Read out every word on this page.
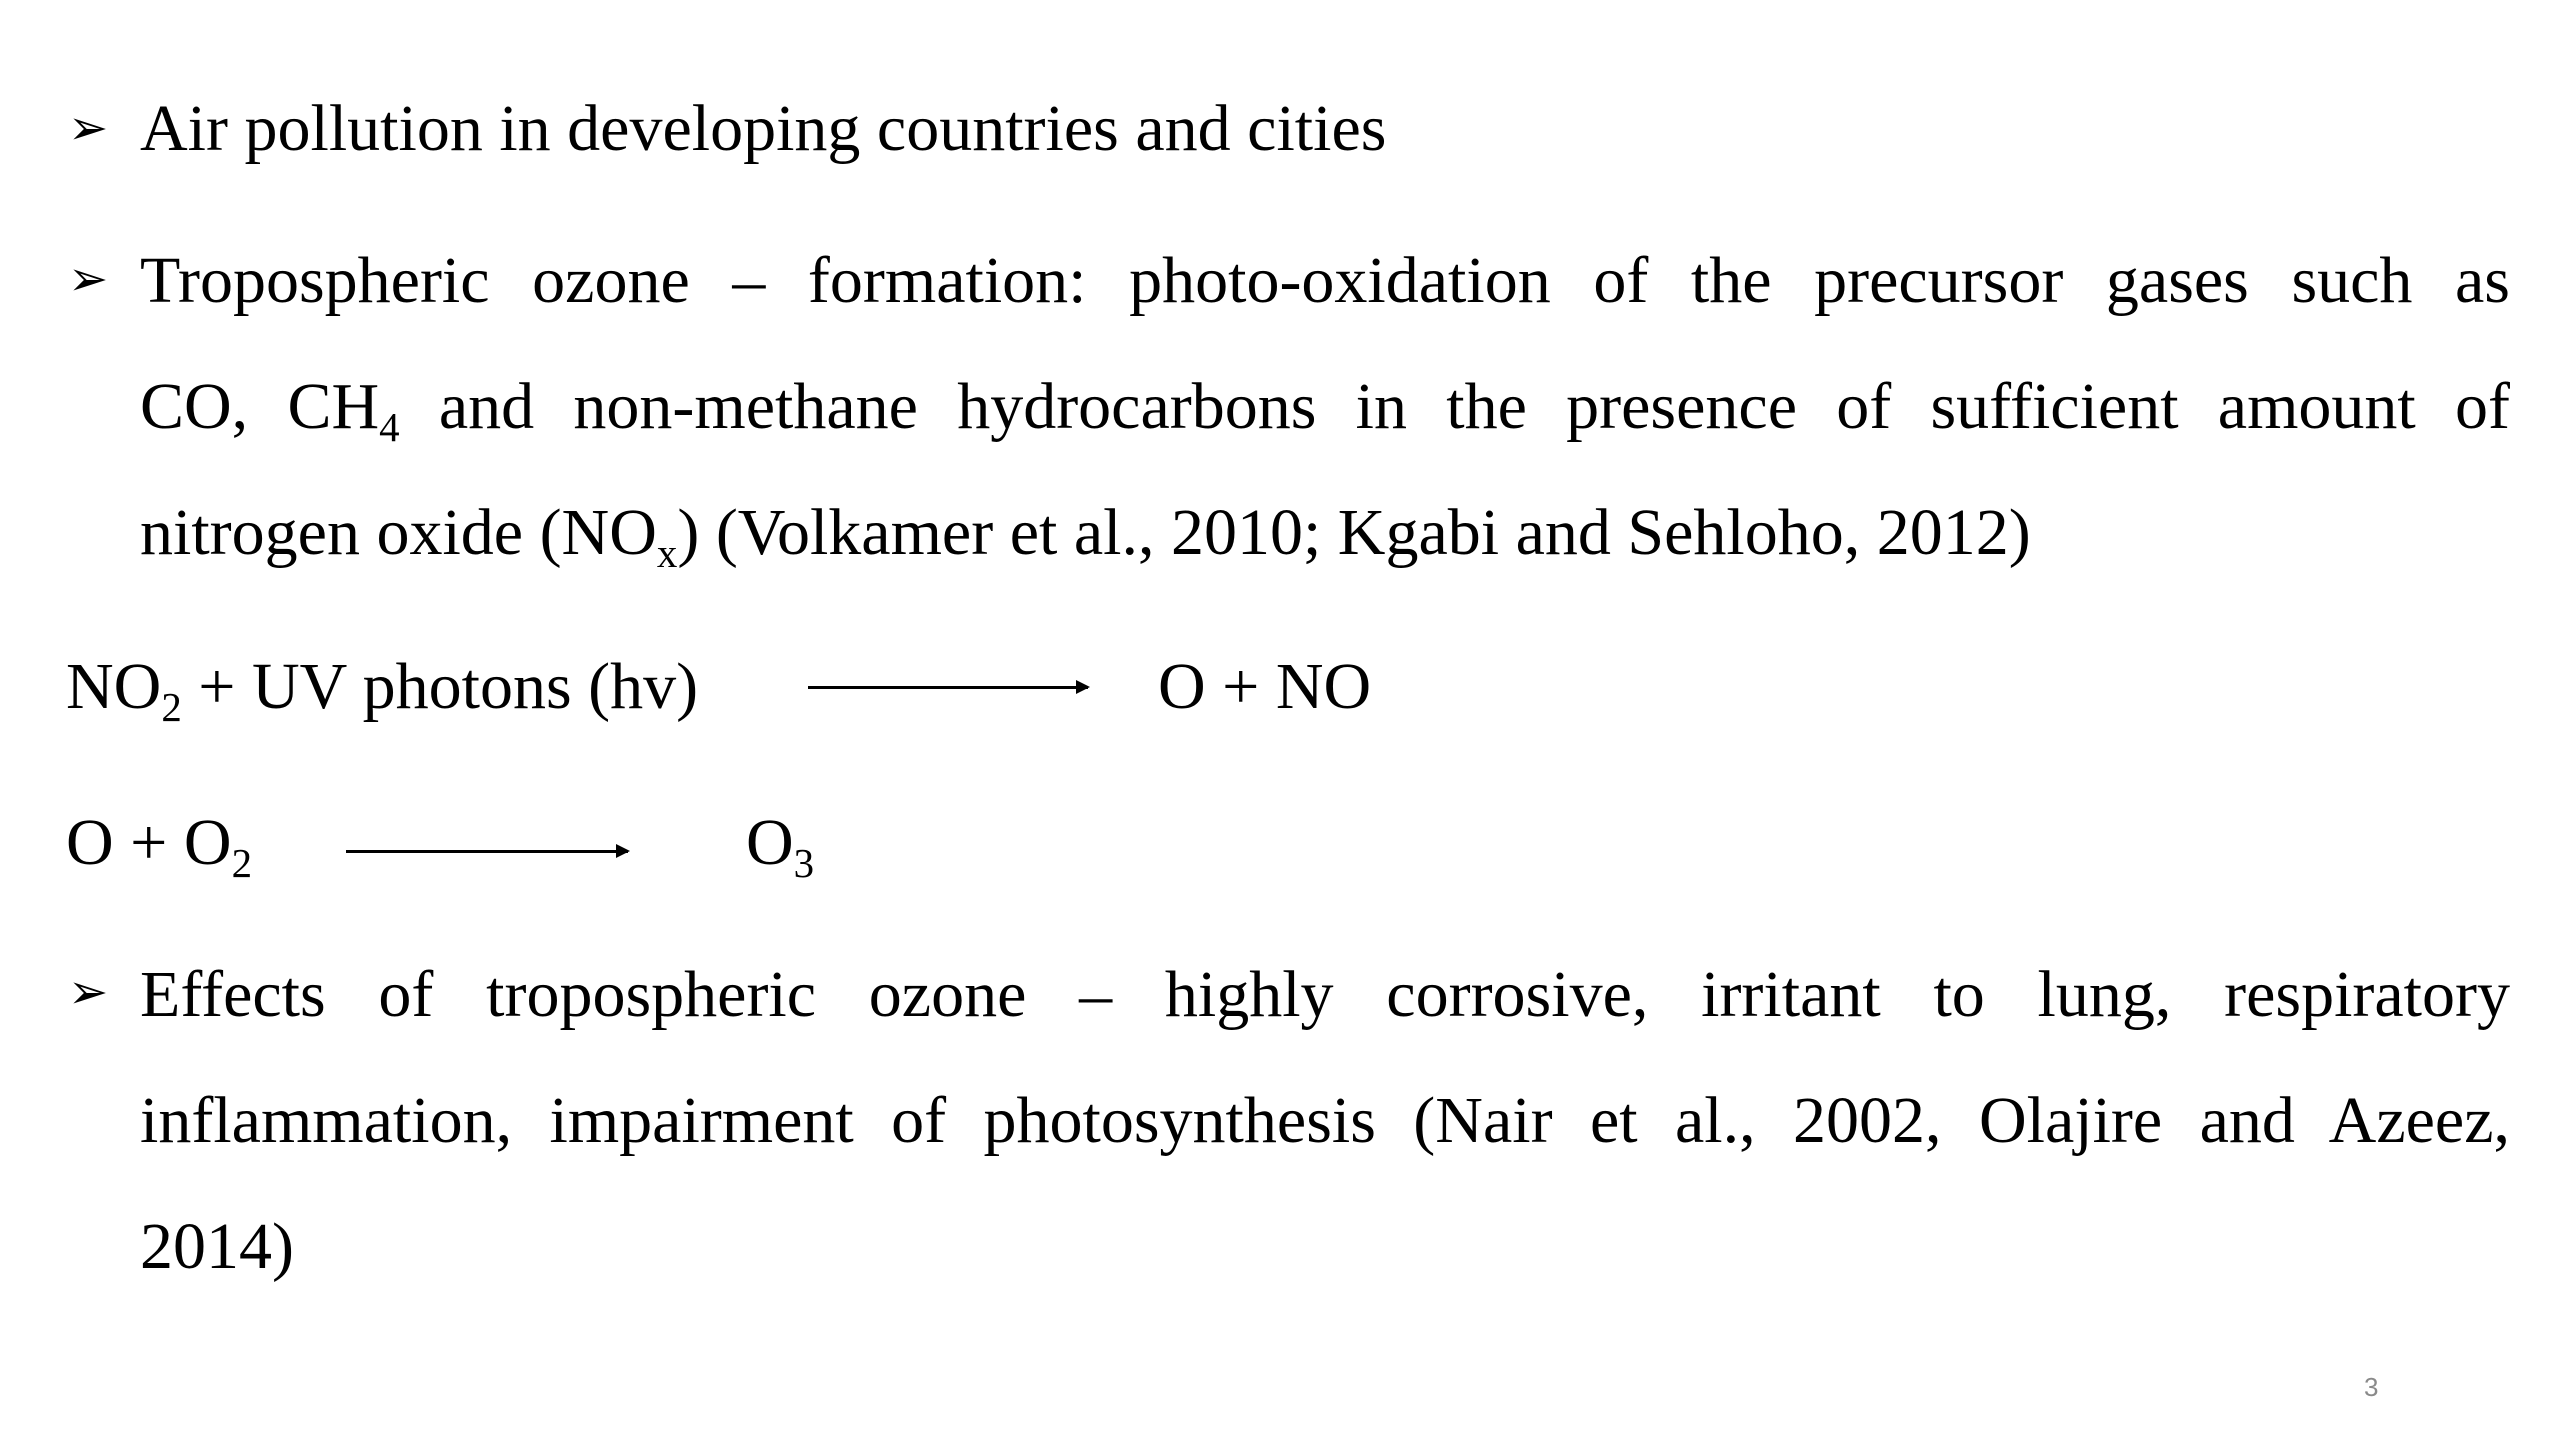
➢ Air pollution in developing countries and cities
➢ Tropospheric ozone – formation: photo-oxidation of the precursor gases such as
CO, $CH_4$ and non-methane hydrocarbons in the presence of sufficient amount of
nitrogen oxide $(NO_x)$ (Volkamer et al., 2010; Kgabi and Sehloho, 2012)
$NO_2$ + UV photons (hv)	O + NO
$O + O_2$	$O_3$
➢ Effects of tropospheric ozone – highly corrosive, irritant to lung, respiratory
inflammation, impairment of photosynthesis (Nair et al., 2002, Olajire and Azeez,
2014)
3
